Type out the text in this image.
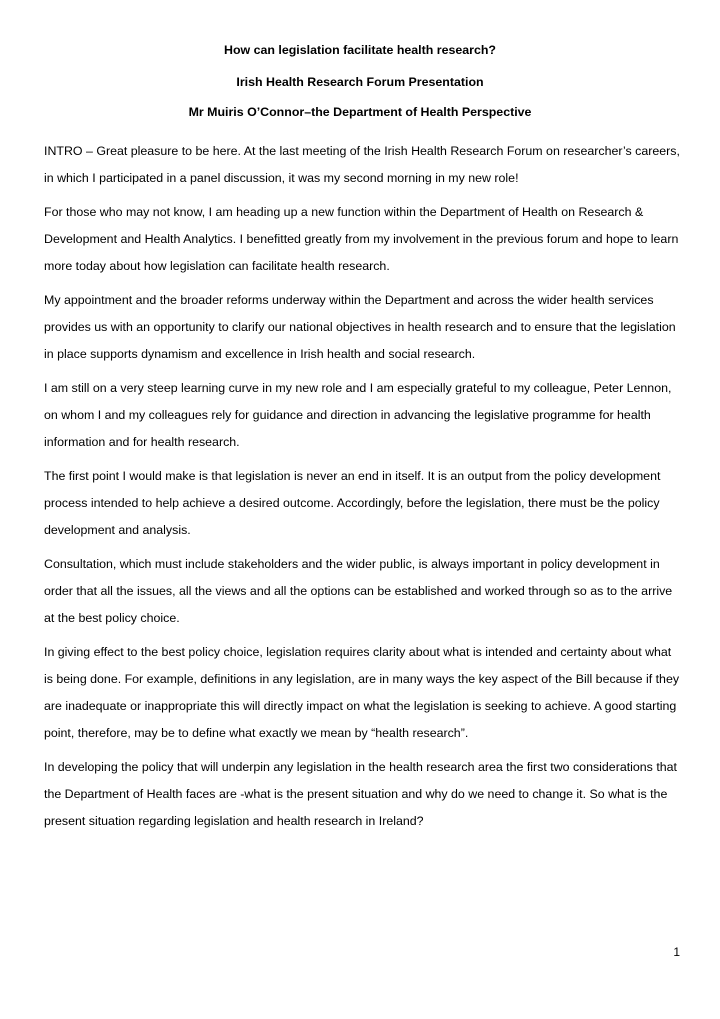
How can legislation facilitate health research?
Irish Health Research Forum Presentation
Mr Muiris O’Connor–the Department of Health Perspective

INTRO – Great pleasure to be here. At the last meeting of the Irish Health Research Forum on researcher’s careers, in which I participated in a panel discussion, it was my second morning in my new role!

For those who may not know, I am heading up a new function within the Department of Health on Research & Development and Health Analytics. I benefitted greatly from my involvement in the previous forum and hope to learn more today about how legislation can facilitate health research.

My appointment and the broader reforms underway within the Department and across the wider health services provides us with an opportunity to clarify our national objectives in health research and to ensure that the legislation in place supports dynamism and excellence in Irish health and social research.

I am still on a very steep learning curve in my new role and I am especially grateful to my colleague, Peter Lennon, on whom I and my colleagues rely for guidance and direction in advancing the legislative programme for health information and for health research.

The first point I would make is that legislation is never an end in itself. It is an output from the policy development process intended to help achieve a desired outcome. Accordingly, before the legislation, there must be the policy development and analysis.

Consultation, which must include stakeholders and the wider public, is always important in policy development in order that all the issues, all the views and all the options can be established and worked through so as to the arrive at the best policy choice.

In giving effect to the best policy choice, legislation requires clarity about what is intended and certainty about what is being done. For example, definitions in any legislation, are in many ways the key aspect of the Bill because if they are inadequate or inappropriate this will directly impact on what the legislation is seeking to achieve. A good starting point, therefore, may be to define what exactly we mean by “health research”.

In developing the policy that will underpin any legislation in the health research area the first two considerations that the Department of Health faces are -what is the present situation and why do we need to change it. So what is the present situation regarding legislation and health research in Ireland?

1
